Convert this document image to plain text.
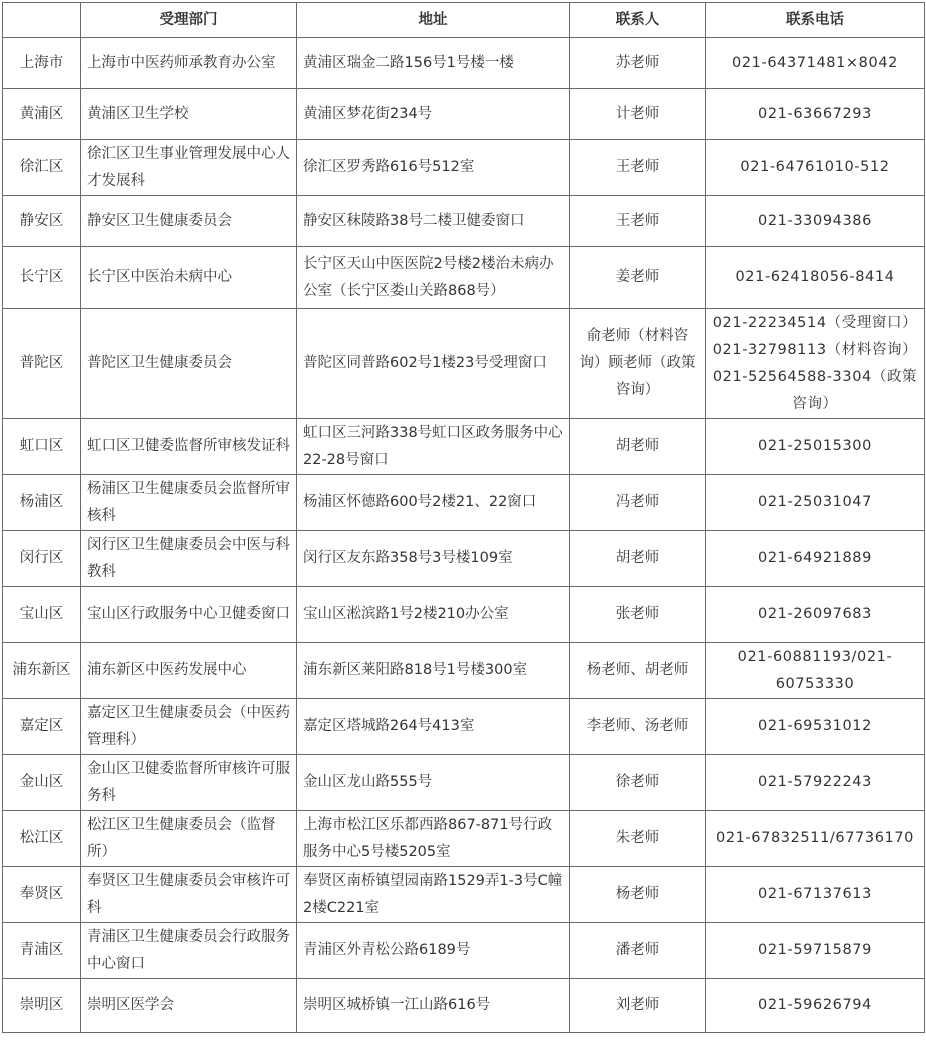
	受理部门	地址	联系人	联系电话
上海市	上海市中医药师承教育办公室	黄浦区瑞金二路156号1号楼一楼	苏老师	021-64371481×8042
黄浦区	黄浦区卫生学校	黄浦区梦花街234号	计老师	021-63667293
徐汇区	徐汇区卫生事业管理发展中心人才发展科	徐汇区罗秀路616号512室	王老师	021-64761010-512
静安区	静安区卫生健康委员会	静安区秣陵路38号二楼卫健委窗口	王老师	021-33094386
长宁区	长宁区中医治未病中心	长宁区天山中医医院2号楼2楼治未病办公室（长宁区娄山关路868号）	姜老师	021-62418056-8414
普陀区	普陀区卫生健康委员会	普陀区同普路602号1楼23号受理窗口	俞老师（材料咨询）顾老师（政策咨询）	021-22234514（受理窗口）021-32798113（材料咨询）021-52564588-3304（政策咨询）
虹口区	虹口区卫健委监督所审核发证科	虹口区三河路338号虹口区政务服务中心22-28号窗口	胡老师	021-25015300
杨浦区	杨浦区卫生健康委员会监督所审核科	杨浦区怀德路600号2楼21、22窗口	冯老师	021-25031047
闵行区	闵行区卫生健康委员会中医与科教科	闵行区友东路358号3号楼109室	胡老师	021-64921889
宝山区	宝山区行政服务中心卫健委窗口	宝山区淞滨路1号2楼210办公室	张老师	021-26097683
浦东新区	浦东新区中医药发展中心	浦东新区莱阳路818号1号楼300室	杨老师、胡老师	021-60881193/021-60753330
嘉定区	嘉定区卫生健康委员会（中医药管理科）	嘉定区塔城路264号413室	李老师、汤老师	021-69531012
金山区	金山区卫健委监督所审核许可服务科	金山区龙山路555号	徐老师	021-57922243
松江区	松江区卫生健康委员会（监督所）	上海市松江区乐都西路867-871号行政服务中心5号楼5205室	朱老师	021-67832511/67736170
奉贤区	奉贤区卫生健康委员会审核许可科	奉贤区南桥镇望园南路1529弄1-3号C幢2楼C221室	杨老师	021-67137613
青浦区	青浦区卫生健康委员会行政服务中心窗口	青浦区外青松公路6189号	潘老师	021-59715879
崇明区	崇明区医学会	崇明区城桥镇一江山路616号	刘老师	021-59626794
